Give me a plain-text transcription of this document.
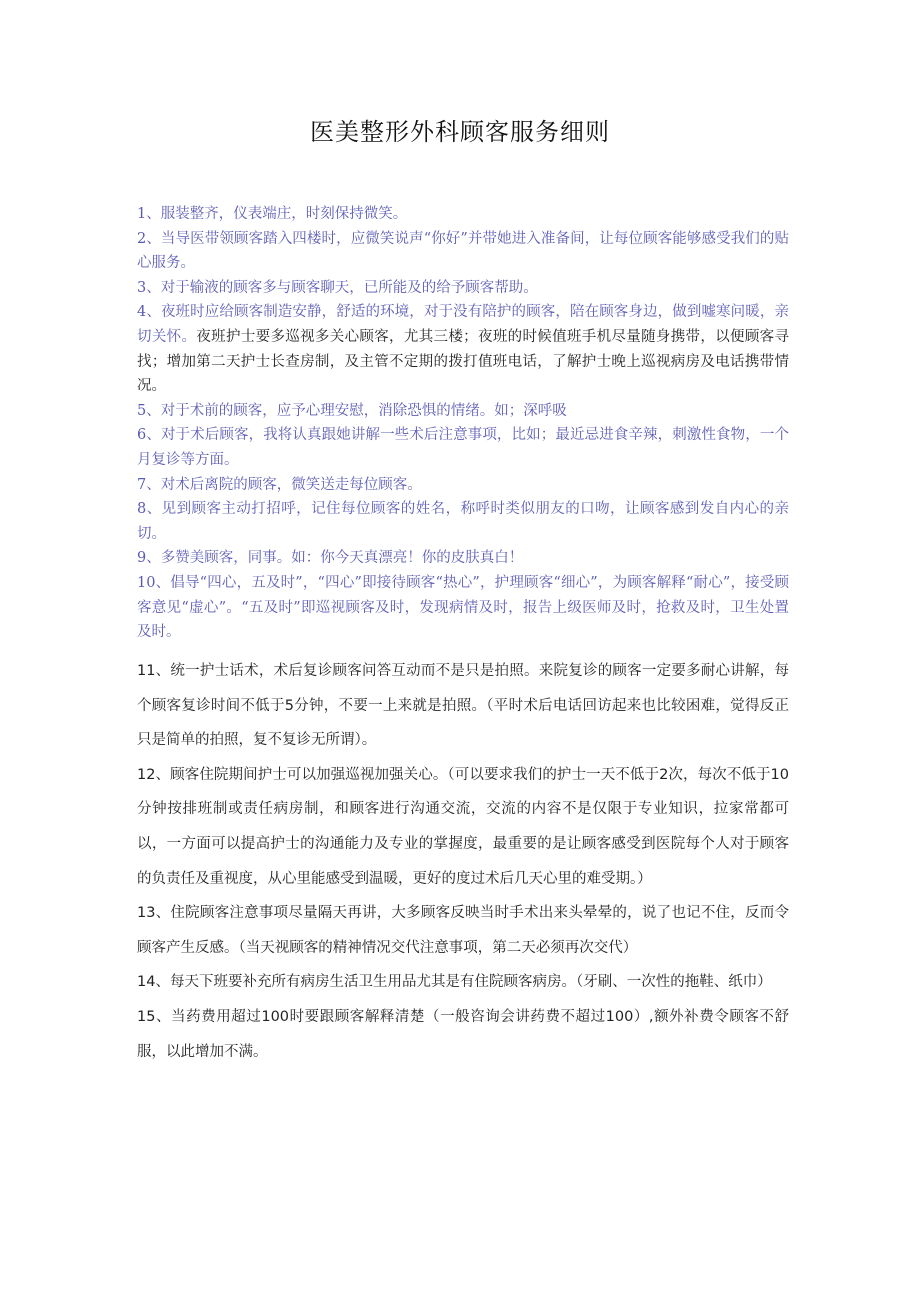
医美整形外科顾客服务细则

1、服装整齐，仪表端庄，时刻保持微笑。

2、当导医带领顾客踏入四楼时，应微笑说声“你好”并带她进入准备间，让每位顾客能够感受我们的贴心服务。

3、对于输液的顾客多与顾客聊天，已所能及的给予顾客帮助。

4、夜班时应给顾客制造安静，舒适的环境，对于没有陪护的顾客，陪在顾客身边，做到嘘寒问暖，亲切关怀。夜班护士要多巡视多关心顾客，尤其三楼；夜班的时候值班手机尽量随身携带，以便顾客寻找；增加第二天护士长查房制，及主管不定期的拨打值班电话，了解护士晚上巡视病房及电话携带情况。

5、对于术前的顾客，应予心理安慰，消除恐惧的情绪。如；深呼吸

6、对于术后顾客，我将认真跟她讲解一些术后注意事项，比如；最近忌进食辛辣，刺激性食物，一个月复诊等方面。

7、对术后离院的顾客，微笑送走每位顾客。

8、见到顾客主动打招呼，记住每位顾客的姓名，称呼时类似朋友的口吻，让顾客感到发自内心的亲切。

9、多赞美顾客，同事。如：你今天真漂亮！你的皮肤真白！

10、倡导“四心，五及时”，“四心”即接待顾客“热心”，护理顾客“细心”，为顾客解释“耐心”，接受顾客意见“虚心”。“五及时”即巡视顾客及时，发现病情及时，报告上级医师及时，抢救及时，卫生处置及时。

11、统一护士话术，术后复诊顾客问答互动而不是只是拍照。来院复诊的顾客一定要多耐心讲解，每个顾客复诊时间不低于5分钟，不要一上来就是拍照。（平时术后电话回访起来也比较困难，觉得反正只是简单的拍照，复不复诊无所谓）。

12、顾客住院期间护士可以加强巡视加强关心。（可以要求我们的护士一天不低于2次，每次不低于10分钟按排班制或责任病房制，和顾客进行沟通交流，交流的内容不是仅限于专业知识，拉家常都可以，一方面可以提高护士的沟通能力及专业的掌握度，最重要的是让顾客感受到医院每个人对于顾客的负责任及重视度，从心里能感受到温暖，更好的度过术后几天心里的难受期。）

13、住院顾客注意事项尽量隔天再讲，大多顾客反映当时手术出来头晕晕的，说了也记不住，反而令顾客产生反感。（当天视顾客的精神情况交代注意事项，第二天必须再次交代）

14、每天下班要补充所有病房生活卫生用品尤其是有住院顾客病房。（牙刷、一次性的拖鞋、纸巾）

15、当药费用超过100时要跟顾客解释清楚（一般咨询会讲药费不超过100）,额外补费令顾客不舒服，以此增加不满。
